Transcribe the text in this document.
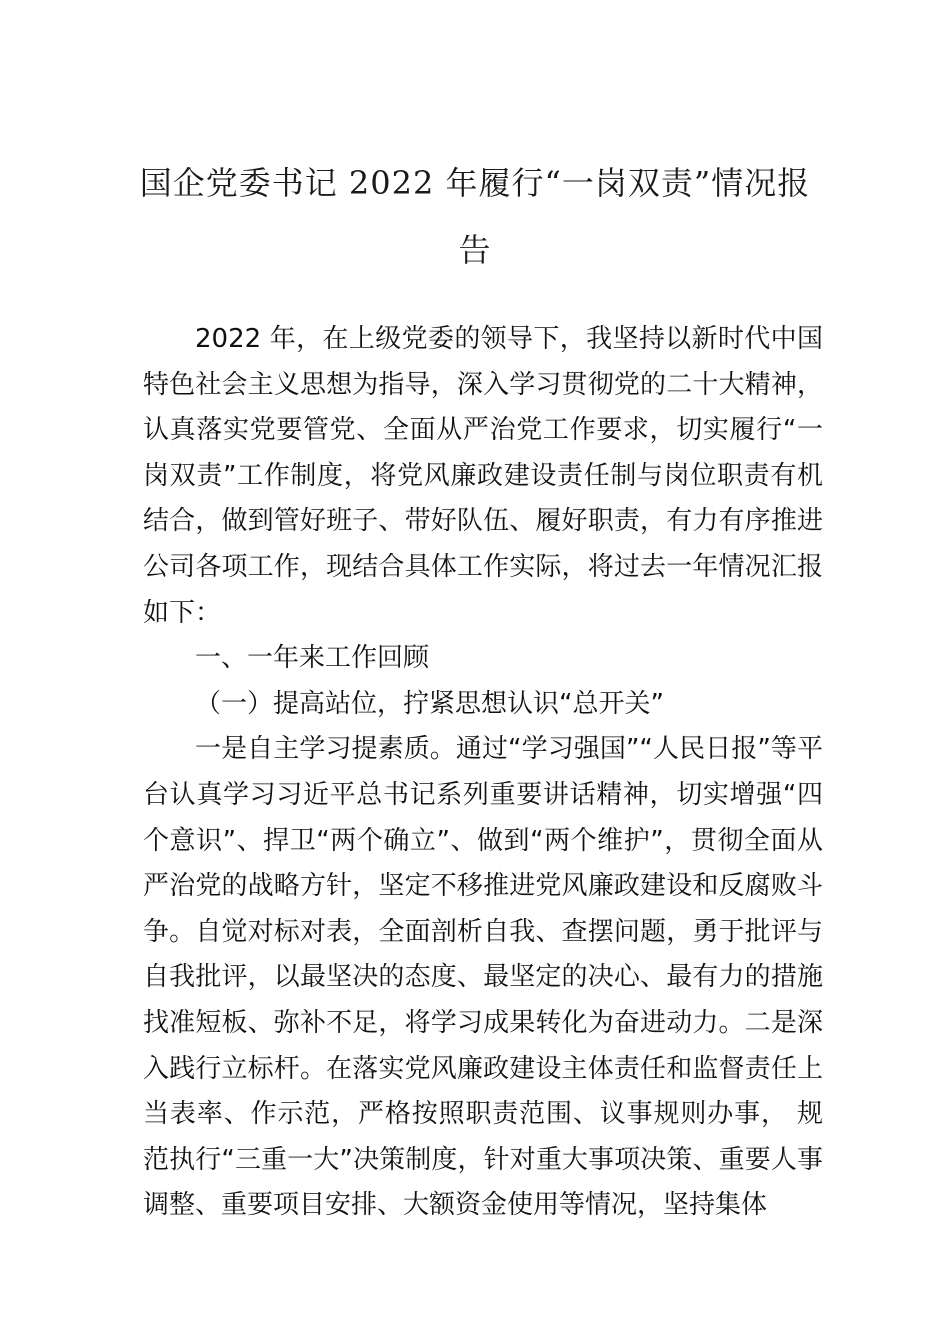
国企党委书记 2022 年履行“一岗双责”情况报告

2022 年，在上级党委的领导下，我坚持以新时代中国特色社会主义思想为指导，深入学习贯彻党的二十大精神，认真落实党要管党、全面从严治党工作要求，切实履行“一岗双责”工作制度，将党风廉政建设责任制与岗位职责有机结合，做到管好班子、带好队伍、履好职责，有力有序推进公司各项工作，现结合具体工作实际，将过去一年情况汇报如下：

一、一年来工作回顾

（一）提高站位，拧紧思想认识“总开关”

一是自主学习提素质。通过“学习强国”“人民日报”等平台认真学习习近平总书记系列重要讲话精神，切实增强“四个意识”、捍卫“两个确立”、做到“两个维护”，贯彻全面从严治党的战略方针，坚定不移推进党风廉政建设和反腐败斗争。自觉对标对表，全面剖析自我、查摆问题，勇于批评与自我批评，以最坚决的态度、最坚定的决心、最有力的措施找准短板、弥补不足，将学习成果转化为奋进动力。二是深入践行立标杆。在落实党风廉政建设主体责任和监督责任上当表率、作示范，严格按照职责范围、议事规则办事， 规范执行“三重一大”决策制度，针对重大事项决策、重要人事调整、重要项目安排、大额资金使用等情况，坚持集体
